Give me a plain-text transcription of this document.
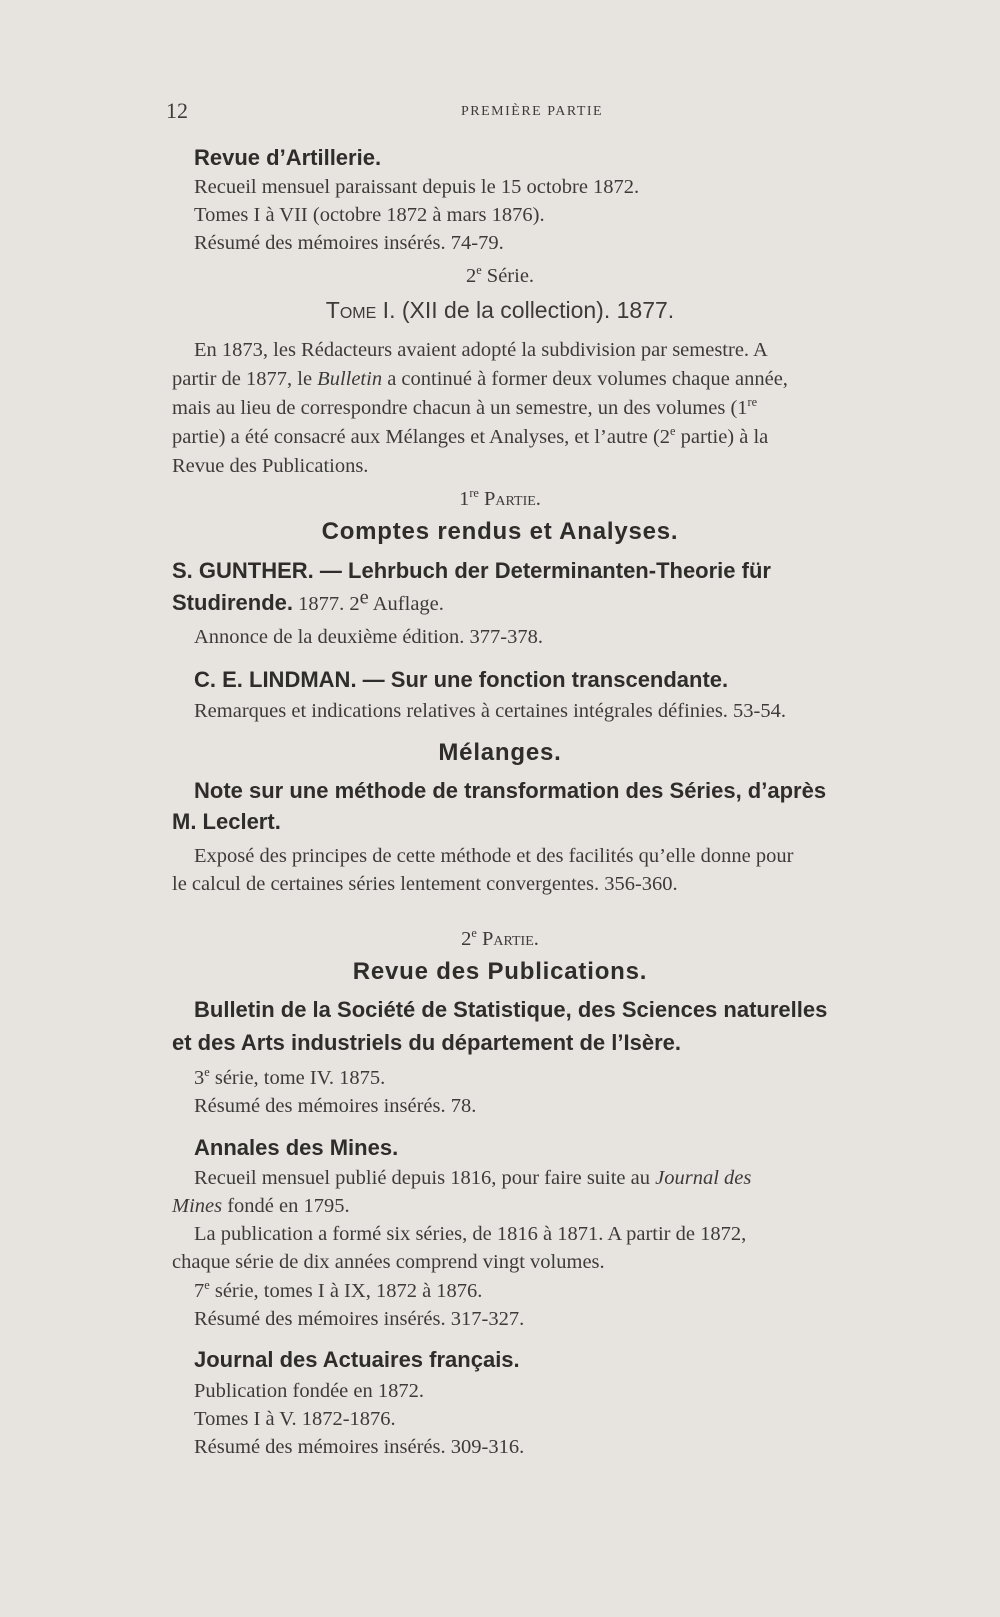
12	PREMIÈRE PARTIE
Revue d’Artillerie.
Recueil mensuel paraissant depuis le 15 octobre 1872.
Tomes I à VII (octobre 1872 à mars 1876).
Résumé des mémoires insérés. 74-79.
2e Série.
Tome I. (XII de la collection). 1877.
En 1873, les Rédacteurs avaient adopté la subdivision par semestre. A
partir de 1877, le Bulletin a continué à former deux volumes chaque année,
mais au lieu de correspondre chacun à un semestre, un des volumes (1re
partie) a été consacré aux Mélanges et Analyses, et l’autre (2e partie) à la
Revue des Publications.
1re Partie.
Comptes rendus et Analyses.
S. GUNTHER. — Lehrbuch der Determinanten-Theorie für
Studirende. 1877. 2e Auflage.
Annonce de la deuxième édition. 377-378.
C. E. LINDMAN. — Sur une fonction transcendante.
Remarques et indications relatives à certaines intégrales définies. 53-54.
Mélanges.
Note sur une méthode de transformation des Séries, d’après
M. Leclert.
Exposé des principes de cette méthode et des facilités qu’elle donne pour
le calcul de certaines séries lentement convergentes. 356-360.
2e Partie.
Revue des Publications.
Bulletin de la Société de Statistique, des Sciences naturelles
et des Arts industriels du département de l’Isère.
3e série, tome IV. 1875.
Résumé des mémoires insérés. 78.
Annales des Mines.
Recueil mensuel publié depuis 1816, pour faire suite au Journal des
Mines fondé en 1795.
La publication a formé six séries, de 1816 à 1871. A partir de 1872,
chaque série de dix années comprend vingt volumes.
7e série, tomes I à IX, 1872 à 1876.
Résumé des mémoires insérés. 317-327.
Journal des Actuaires français.
Publication fondée en 1872.
Tomes I à V. 1872-1876.
Résumé des mémoires insérés. 309-316.
